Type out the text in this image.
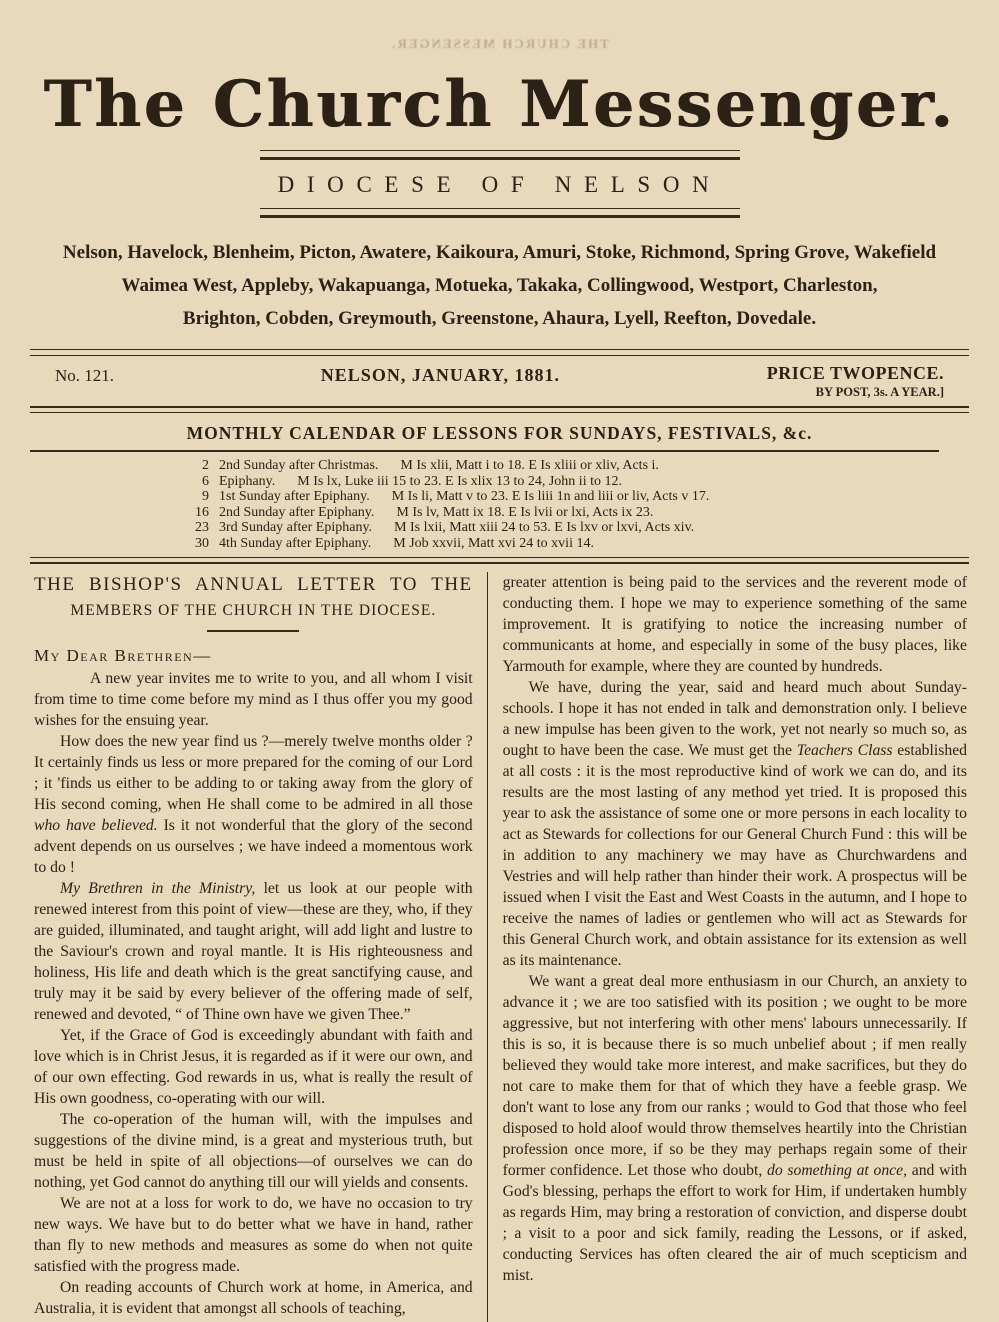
THE CHURCH MESSENGER.
The Church Messenger.
DIOCESE OF NELSON
Nelson, Havelock, Blenheim, Picton, Awatere, Kaikoura, Amuri, Stoke, Richmond, Spring Grove, Wakefield
Waimea West, Appleby, Wakapuanga, Motueka, Takaka, Collingwood, Westport, Charleston,
Brighton, Cobden, Greymouth, Greenstone, Ahaura, Lyell, Reefton, Dovedale.
No. 121.	NELSON, JANUARY, 1881.	PRICE TWOPENCE.
BY POST, 3s. A YEAR.]
MONTHLY CALENDAR OF LESSONS FOR SUNDAYS, FESTIVALS, &c.
2 2nd Sunday after Christmas. M Is xlii, Matt i to 18. E Is xliii or xliv, Acts i.
6 Epiphany. M Is lx, Luke iii 15 to 23. E Is xlix 13 to 24, John ii to 12.
9 1st Sunday after Epiphany. M Is li, Matt v to 23. E Is liii 1n and liii or liv, Acts v 17.
16 2nd Sunday after Epiphany. M Is lv, Matt ix 18. E Is lvii or lxi, Acts ix 23.
23 3rd Sunday after Epiphany. M Is lxii, Matt xiii 24 to 53. E Is lxv or lxvi, Acts xiv.
30 4th Sunday after Epiphany. M Job xxvii, Matt xvi 24 to xvii 14.
THE BISHOP'S ANNUAL LETTER TO THE
MEMBERS OF THE CHURCH IN THE DIOCESE.
My Dear Brethren—

A new year invites me to write to you, and all whom I visit from time to time come before my mind as I thus offer you my good wishes for the ensuing year.

How does the new year find us ?—merely twelve months older ? It certainly finds us less or more prepared for the coming of our Lord ; it 'finds us either to be adding to or taking away from the glory of His second coming, when He shall come to be admired in all those who have believed. Is it not wonderful that the glory of the second advent depends on us ourselves ; we have indeed a momentous work to do !

My Brethren in the Ministry, let us look at our people with renewed interest from this point of view—these are they, who, if they are guided, illuminated, and taught aright, will add light and lustre to the Saviour's crown and royal mantle. It is His righteousness and holiness, His life and death which is the great sanctifying cause, and truly may it be said by every believer of the offering made of self, renewed and devoted, “ of Thine own have we given Thee.”

Yet, if the Grace of God is exceedingly abundant with faith and love which is in Christ Jesus, it is regarded as if it were our own, and of our own effecting. God rewards in us, what is really the result of His own goodness, co-operating with our will.

The co-operation of the human will, with the impulses and suggestions of the divine mind, is a great and mysterious truth, but must be held in spite of all objections—of ourselves we can do nothing, yet God cannot do anything till our will yields and consents.

We are not at a loss for work to do, we have no occasion to try new ways. We have but to do better what we have in hand, rather than fly to new methods and measures as some do when not quite satisfied with the progress made.

On reading accounts of Church work at home, in America, and Australia, it is evident that amongst all schools of teaching,

greater attention is being paid to the services and the reverent mode of conducting them. I hope we may to experience something of the same improvement. It is gratifying to notice the increasing number of communicants at home, and especially in some of the busy places, like Yarmouth for example, where they are counted by hundreds.

We have, during the year, said and heard much about Sunday-schools. I hope it has not ended in talk and demonstration only. I believe a new impulse has been given to the work, yet not nearly so much so, as ought to have been the case. We must get the Teachers Class established at all costs : it is the most reproductive kind of work we can do, and its results are the most lasting of any method yet tried. It is proposed this year to ask the assistance of some one or more persons in each locality to act as Stewards for collections for our General Church Fund : this will be in addition to any machinery we may have as Churchwardens and Vestries and will help rather than hinder their work. A prospectus will be issued when I visit the East and West Coasts in the autumn, and I hope to receive the names of ladies or gentlemen who will act as Stewards for this General Church work, and obtain assistance for its extension as well as its maintenance.

We want a great deal more enthusiasm in our Church, an anxiety to advance it ; we are too satisfied with its position ; we ought to be more aggressive, but not interfering with other mens' labours unnecessarily. If this is so, it is because there is so much unbelief about ; if men really believed they would take more interest, and make sacrifices, but they do not care to make them for that of which they have a feeble grasp. We don't want to lose any from our ranks ; would to God that those who feel disposed to hold aloof would throw themselves heartily into the Christian profession once more, if so be they may perhaps regain some of their former confidence. Let those who doubt, do something at once, and with God's blessing, perhaps the effort to work for Him, if undertaken humbly as regards Him, may bring a restoration of conviction, and disperse doubt ; a visit to a poor and sick family, reading the Lessons, or if asked, conducting Services has often cleared the air of much scepticism and mist.
